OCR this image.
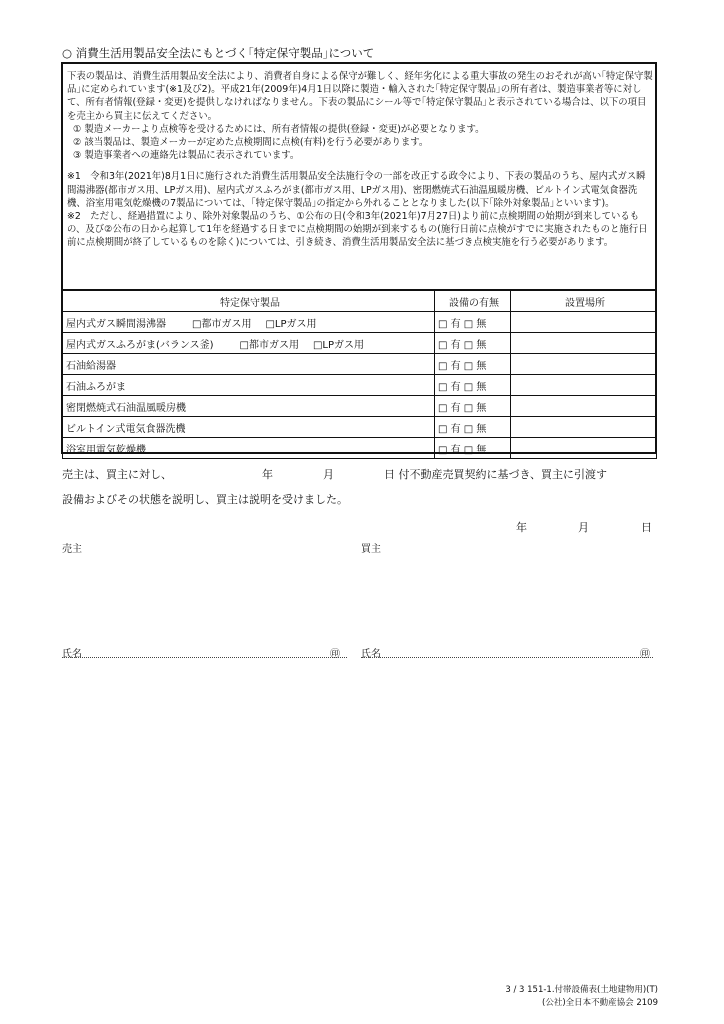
○ 消費生活用製品安全法にもとづく｢特定保守製品｣について

下表の製品は、消費生活用製品安全法により、消費者自身による保守が難しく、経年劣化による重大事故の発生のおそれが高い｢特定保守製品｣に定められています(※1及び2)。平成21年(2009年)4月1日以降に製造・輸入された｢特定保守製品｣の所有者は、製造事業者等に対して、所有者情報(登録・変更)を提供しなければなりません。下表の製品にシール等で｢特定保守製品｣と表示されている場合は、以下の項目を売主から買主に伝えてください。

① 製造メーカーより点検等を受けるためには、所有者情報の提供(登録・変更)が必要となります。

② 該当製品は、製造メーカーが定めた点検期間に点検(有料)を行う必要があります。

③ 製造事業者への連絡先は製品に表示されています。

※1　令和3年(2021年)8月1日に施行された消費生活用製品安全法施行令の一部を改正する政令により、下表の製品のうち、屋内式ガス瞬間湯沸器(都市ガス用、LPガス用)、屋内式ガスふろがま(都市ガス用、LPガス用)、密閉燃焼式石油温風暖房機、ビルトイン式電気食器洗機、浴室用電気乾燥機の7製品については、｢特定保守製品｣の指定から外れることとなりました(以下｢除外対象製品｣といいます)。

※2　ただし、経過措置により、除外対象製品のうち、①公布の日(令和3年(2021年)7月27日)より前に点検期間の始期が到来しているもの、及び②公布の日から起算して1年を経過する日までに点検期間の始期が到来するもの(施行日前に点検がすでに実施されたものと施行日前に点検期間が終了しているものを除く)については、引き続き、消費生活用製品安全法に基づき点検実施を行う必要があります。

特定保守製品	設備の有無	設置場所
屋内式ガス瞬間湯沸器 □都市ガス用 □LPガス用	□ 有 □ 無	
屋内式ガスふろがま(バランス釜) □都市ガス用 □LPガス用	□ 有 □ 無	
石油給湯器	□ 有 □ 無	
石油ふろがま	□ 有 □ 無	
密閉燃焼式石油温風暖房機	□ 有 □ 無	
ビルトイン式電気食器洗機	□ 有 □ 無	
浴室用電気乾燥機	□ 有 □ 無	
売主は、買主に対し、	年	月	日 付不動産売買契約に基づき、買主に引渡す
設備およびその状態を説明し、買主は説明を受けました。
年	月	日
売主	買主
氏名	㊞ 氏名	㊞
3 / 3 151-1.付帯設備表(土地建物用)(T)
(公社)全日本不動産協会 2109
